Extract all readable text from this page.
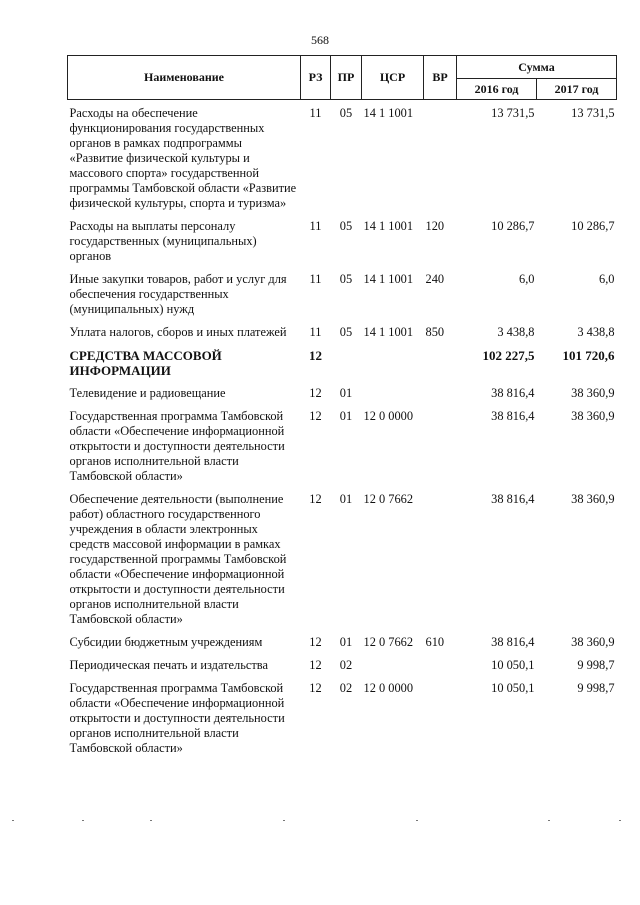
568
Наименование	РЗ	ПР	ЦСР	ВР	Сумма	
					2016 год	2017 год

Расходы на обеспечение функционирования государственных органов в рамках подпрограммы «Развитие физической культуры и массового спорта» государственной программы Тамбовской области «Развитие физической культуры, спорта и туризма»	11	05	14 1 1001		13 731,5	13 731,5
Расходы на выплаты персоналу государственных (муниципальных) органов	11	05	14 1 1001	120	10 286,7	10 286,7
Иные закупки товаров, работ и услуг для обеспечения государственных (муниципальных) нужд	11	05	14 1 1001	240	6,0	6,0
Уплата налогов, сборов и иных платежей	11	05	14 1 1001	850	3 438,8	3 438,8
СРЕДСТВА МАССОВОЙ ИНФОРМАЦИИ	12				102 227,5	101 720,6
Телевидение и радиовещание	12	01			38 816,4	38 360,9
Государственная программа Тамбовской области «Обеспечение информационной открытости и доступности деятельности органов исполнительной власти Тамбовской области»	12	01	12 0 0000		38 816,4	38 360,9
Обеспечение деятельности (выполнение работ) областного государственного учреждения в области электронных средств массовой информации в рамках государственной программы Тамбовской области «Обеспечение информационной открытости и доступности деятельности органов исполнительной власти Тамбовской области»	12	01	12 0 7662		38 816,4	38 360,9
Субсидии бюджетным учреждениям	12	01	12 0 7662	610	38 816,4	38 360,9
Периодическая печать и издательства	12	02			10 050,1	9 998,7
Государственная программа Тамбовской области «Обеспечение информационной открытости и доступности деятельности органов исполнительной власти Тамбовской области»	12	02	12 0 0000		10 050,1	9 998,7
